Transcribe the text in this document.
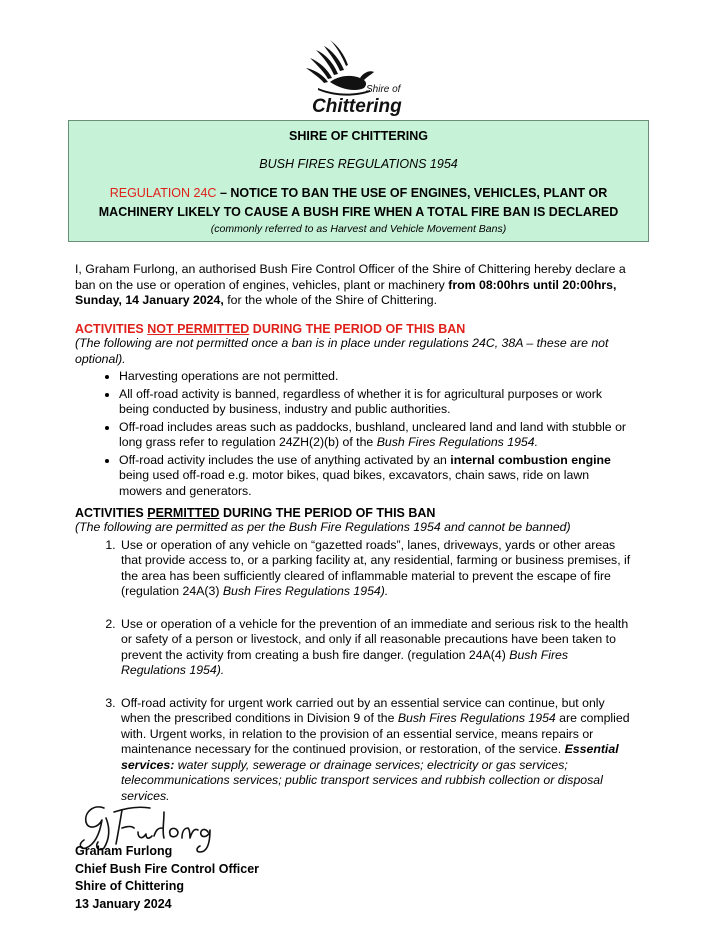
Shire of
Chittering
SHIRE OF CHITTERING
BUSH FIRES REGULATIONS 1954
REGULATION 24C – NOTICE TO BAN THE USE OF ENGINES, VEHICLES, PLANT OR
MACHINERY LIKELY TO CAUSE A BUSH FIRE WHEN A TOTAL FIRE BAN IS DECLARED
(commonly referred to as Harvest and Vehicle Movement Bans)
I, Graham Furlong, an authorised Bush Fire Control Officer of the Shire of Chittering hereby declare a ban on the use or operation of engines, vehicles, plant or machinery from 08:00hrs until 20:00hrs, Sunday, 14 January 2024, for the whole of the Shire of Chittering.
ACTIVITIES NOT PERMITTED DURING THE PERIOD OF THIS BAN
(The following are not permitted once a ban is in place under regulations 24C, 38A – these are not optional).
• Harvesting operations are not permitted.
• All off-road activity is banned, regardless of whether it is for agricultural purposes or work being conducted by business, industry and public authorities.
• Off-road includes areas such as paddocks, bushland, uncleared land and land with stubble or long grass refer to regulation 24ZH(2)(b) of the Bush Fires Regulations 1954.
• Off-road activity includes the use of anything activated by an internal combustion engine being used off-road e.g. motor bikes, quad bikes, excavators, chain saws, ride on lawn mowers and generators.
ACTIVITIES PERMITTED DURING THE PERIOD OF THIS BAN
(The following are permitted as per the Bush Fire Regulations 1954 and cannot be banned)
1. Use or operation of any vehicle on “gazetted roads”, lanes, driveways, yards or other areas that provide access to, or a parking facility at, any residential, farming or business premises, if the area has been sufficiently cleared of inflammable material to prevent the escape of fire (regulation 24A(3) Bush Fires Regulations 1954).
2. Use or operation of a vehicle for the prevention of an immediate and serious risk to the health or safety of a person or livestock, and only if all reasonable precautions have been taken to prevent the activity from creating a bush fire danger. (regulation 24A(4) Bush Fires Regulations 1954).
3. Off-road activity for urgent work carried out by an essential service can continue, but only when the prescribed conditions in Division 9 of the Bush Fires Regulations 1954 are complied with. Urgent works, in relation to the provision of an essential service, means repairs or maintenance necessary for the continued provision, or restoration, of the service. Essential services: water supply, sewerage or drainage services; electricity or gas services; telecommunications services; public transport services and rubbish collection or disposal services.
Graham Furlong
Chief Bush Fire Control Officer
Shire of Chittering
13 January 2024
